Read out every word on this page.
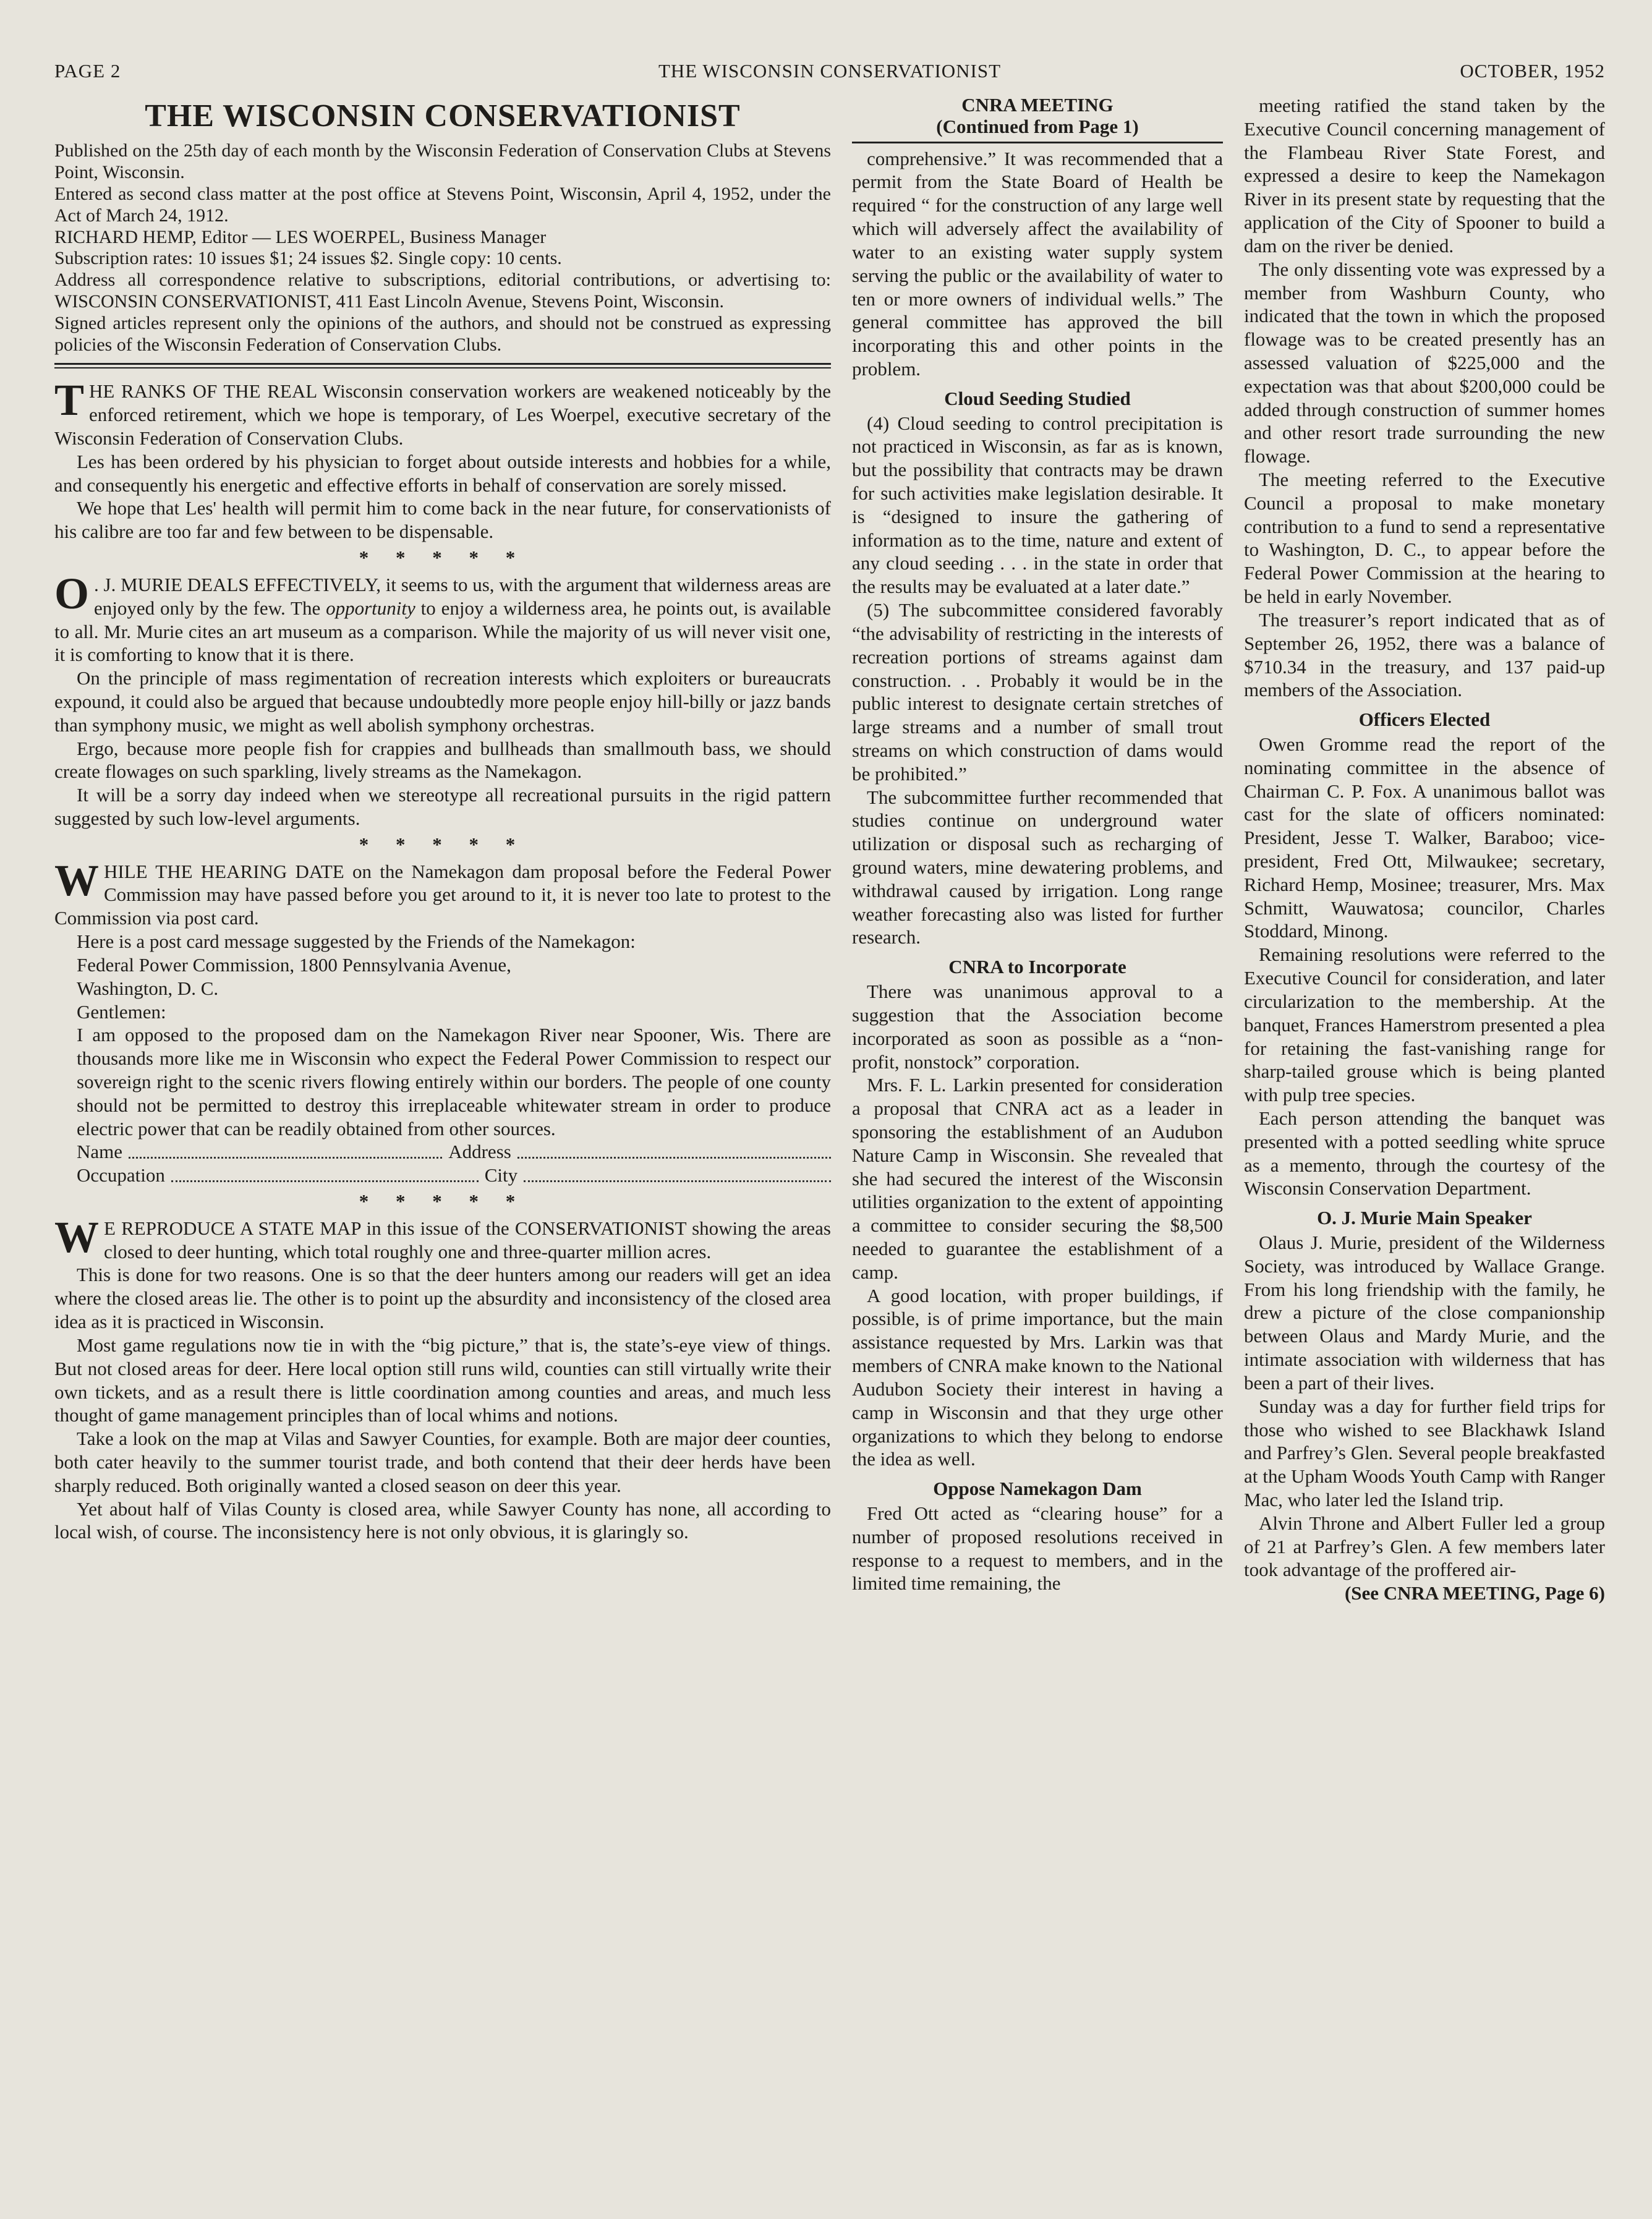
PAGE 2	THE WISCONSIN CONSERVATIONIST	OCTOBER, 1952
THE WISCONSIN CONSERVATIONIST

Published on the 25th day of each month by the Wisconsin Federation of Conservation Clubs at Stevens Point, Wisconsin.

Entered as second class matter at the post office at Stevens Point, Wisconsin, April 4, 1952, under the Act of March 24, 1912.

RICHARD HEMP, Editor — LES WOERPEL, Business Manager

Subscription rates: 10 issues $1; 24 issues $2. Single copy: 10 cents.

Address all correspondence relative to subscriptions, editorial contributions, or advertising to: WISCONSIN CONSERVATIONIST, 411 East Lincoln Avenue, Stevens Point, Wisconsin.

Signed articles represent only the opinions of the authors, and should not be construed as expressing policies of the Wisconsin Federation of Conservation Clubs.

THE RANKS OF THE REAL Wisconsin conservation workers are weakened noticeably by the enforced retirement, which we hope is temporary, of Les Woerpel, executive secretary of the Wisconsin Federation of Conservation Clubs.

Les has been ordered by his physician to forget about outside interests and hobbies for a while, and consequently his energetic and effective efforts in behalf of conservation are sorely missed.

We hope that Les' health will permit him to come back in the near future, for conservationists of his calibre are too far and few between to be dispensable.

* * * * *

O . J. MURIE DEALS EFFECTIVELY, it seems to us, with the argument that wilderness areas are enjoyed only by the few. The opportunity to enjoy a wilderness area, he points out, is available to all. Mr. Murie cites an art museum as a comparison. While the majority of us will never visit one, it is comforting to know that it is there.

On the principle of mass regimentation of recreation interests which exploiters or bureaucrats expound, it could also be argued that because undoubtedly more people enjoy hill-billy or jazz bands than symphony music, we might as well abolish symphony orchestras.

Ergo, because more people fish for crappies and bullheads than smallmouth bass, we should create flowages on such sparkling, lively streams as the Namekagon.

It will be a sorry day indeed when we stereotype all recreational pursuits in the rigid pattern suggested by such low-level arguments.

* * * * *

WHILE THE HEARING DATE on the Namekagon dam proposal before the Federal Power Commission may have passed before you get around to it, it is never too late to protest to the Commission via post card.

Here is a post card message suggested by the Friends of the Namekagon:

Federal Power Commission, 1800 Pennsylvania Avenue,

Washington, D. C.

Gentlemen:

I am opposed to the proposed dam on the Namekagon River near Spooner, Wis. There are thousands more like me in Wisconsin who expect the Federal Power Commission to respect our sovereign right to the scenic rivers flowing entirely within our borders. The people of one county should not be permitted to destroy this irreplaceable whitewater stream in order to produce electric power that can be readily obtained from other sources.

Name	Address
Occupation	City
* * * * *

W E REPRODUCE A STATE MAP in this issue of the CONSERVATIONIST showing the areas closed to deer hunting, which total roughly one and three-quarter million acres.

This is done for two reasons. One is so that the deer hunters among our readers will get an idea where the closed areas lie. The other is to point up the absurdity and inconsistency of the closed area idea as it is practiced in Wisconsin.

Most game regulations now tie in with the “big picture,” that is, the state’s-eye view of things. But not closed areas for deer. Here local option still runs wild, counties can still virtually write their own tickets, and as a result there is little coordination among counties and areas, and much less thought of game management principles than of local whims and notions.

Take a look on the map at Vilas and Sawyer Counties, for example. Both are major deer counties, both cater heavily to the summer tourist trade, and both contend that their deer herds have been sharply reduced. Both originally wanted a closed season on deer this year.

Yet about half of Vilas County is closed area, while Sawyer County has none, all according to local wish, of course. The inconsistency here is not only obvious, it is glaringly so.

CNRA MEETING
(Continued from Page 1)

comprehensive.” It was recommended that a permit from the State Board of Health be required “ for the construction of any large well which will adversely affect the availability of water to an existing water supply system serving the public or the availability of water to ten or more owners of individual wells.” The general committee has approved the bill incorporating this and other points in the problem.

Cloud Seeding Studied

(4) Cloud seeding to control precipitation is not practiced in Wisconsin, as far as is known, but the possibility that contracts may be drawn for such activities make legislation desirable. It is “designed to insure the gathering of information as to the time, nature and extent of any cloud seeding . . . in the state in order that the results may be evaluated at a later date.”

(5) The subcommittee considered favorably “the advisability of restricting in the interests of recreation portions of streams against dam construction. . . Probably it would be in the public interest to designate certain stretches of large streams and a number of small trout streams on which construction of dams would be prohibited.”

The subcommittee further recommended that studies continue on underground water utilization or disposal such as recharging of ground waters, mine dewatering problems, and withdrawal caused by irrigation. Long range weather forecasting also was listed for further research.

CNRA to Incorporate

There was unanimous approval to a suggestion that the Association become incorporated as soon as possible as a “non-profit, nonstock” corporation.

Mrs. F. L. Larkin presented for consideration a proposal that CNRA act as a leader in sponsoring the establishment of an Audubon Nature Camp in Wisconsin. She revealed that she had secured the interest of the Wisconsin utilities organization to the extent of appointing a committee to consider securing the $8,500 needed to guarantee the establishment of a camp.

A good location, with proper buildings, if possible, is of prime importance, but the main assistance requested by Mrs. Larkin was that members of CNRA make known to the National Audubon Society their interest in having a camp in Wisconsin and that they urge other organizations to which they belong to endorse the idea as well.

Oppose Namekagon Dam

Fred Ott acted as “clearing house” for a number of proposed resolutions received in response to a request to members, and in the limited time remaining, the

meeting ratified the stand taken by the Executive Council concerning management of the Flambeau River State Forest, and expressed a desire to keep the Namekagon River in its present state by requesting that the application of the City of Spooner to build a dam on the river be denied.

The only dissenting vote was expressed by a member from Washburn County, who indicated that the town in which the proposed flowage was to be created presently has an assessed valuation of $225,000 and the expectation was that about $200,000 could be added through construction of summer homes and other resort trade surrounding the new flowage.

The meeting referred to the Executive Council a proposal to make monetary contribution to a fund to send a representative to Washington, D. C., to appear before the Federal Power Commission at the hearing to be held in early November.

The treasurer’s report indicated that as of September 26, 1952, there was a balance of $710.34 in the treasury, and 137 paid-up members of the Association.

Officers Elected

Owen Gromme read the report of the nominating committee in the absence of Chairman C. P. Fox. A unanimous ballot was cast for the slate of officers nominated: President, Jesse T. Walker, Baraboo; vice-president, Fred Ott, Milwaukee; secretary, Richard Hemp, Mosinee; treasurer, Mrs. Max Schmitt, Wauwatosa; councilor, Charles Stoddard, Minong.

Remaining resolutions were referred to the Executive Council for consideration, and later circularization to the membership. At the banquet, Frances Hamerstrom presented a plea for retaining the fast-vanishing range for sharp-tailed grouse which is being planted with pulp tree species.

Each person attending the banquet was presented with a potted seedling white spruce as a memento, through the courtesy of the Wisconsin Conservation Department.

O. J. Murie Main Speaker

Olaus J. Murie, president of the Wilderness Society, was introduced by Wallace Grange. From his long friendship with the family, he drew a picture of the close companionship between Olaus and Mardy Murie, and the intimate association with wilderness that has been a part of their lives.

Sunday was a day for further field trips for those who wished to see Blackhawk Island and Parfrey’s Glen. Several people breakfasted at the Upham Woods Youth Camp with Ranger Mac, who later led the Island trip.

Alvin Throne and Albert Fuller led a group of 21 at Parfrey’s Glen. A few members later took advantage of the proffered air-

(See CNRA MEETING, Page 6)
